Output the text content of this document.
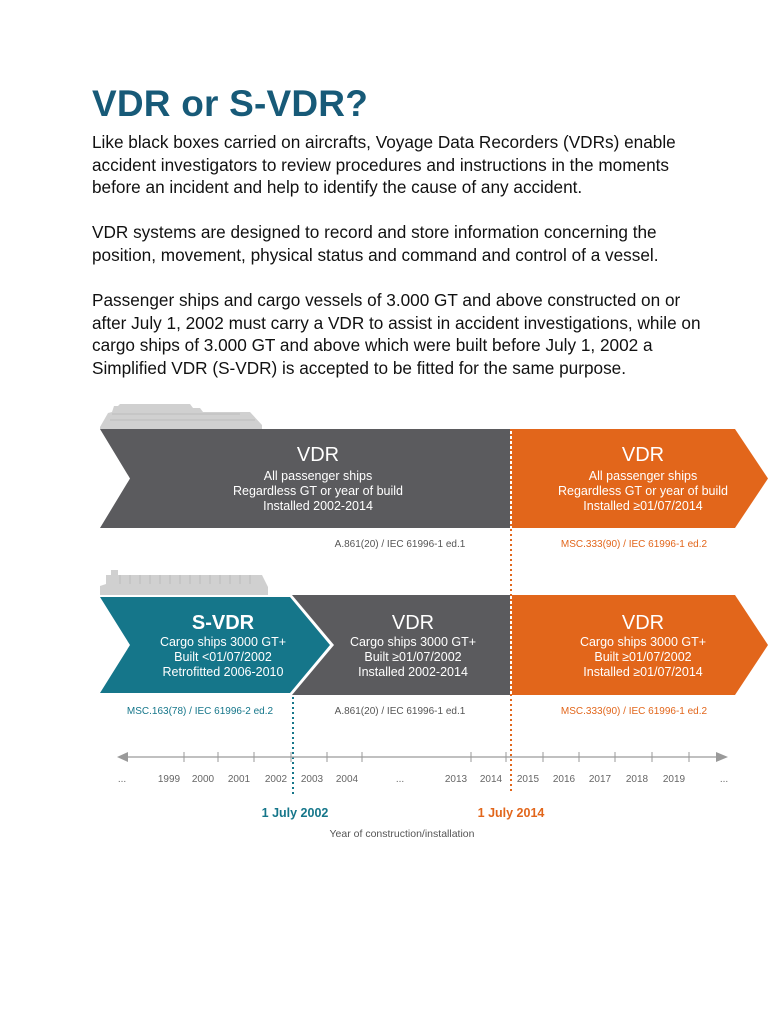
VDR or S-VDR?

Like black boxes carried on aircrafts, Voyage Data Recorders (VDRs) enable accident investigators to review procedures and instructions in the moments before an incident and help to identify the cause of any accident.

VDR systems are designed to record and store information concerning the position, movement, physical status and command and control of a vessel.

Passenger ships and cargo vessels of 3.000 GT and above constructed on or after July 1, 2002 must carry a VDR to assist in accident investigations, while on cargo ships of 3.000 GT and above which were built before July 1, 2002 a Simplified VDR (S-VDR) is accepted to be fitted for the same purpose.

VDR
All passenger ships
Regardless GT or year of build
Installed 2002-2014
VDR
All passenger ships
Regardless GT or year of build
Installed ≥01/07/2014
A.861(20) / IEC 61996-1 ed.1	MSC.333(90) / IEC 61996-1 ed.2
S-VDR
Cargo ships 3000 GT+
Built <01/07/2002
Retrofitted 2006-2010
VDR
Cargo ships 3000 GT+
Built ≥01/07/2002
Installed 2002-2014
VDR
Cargo ships 3000 GT+
Built ≥01/07/2002
Installed ≥01/07/2014
MSC.163(78) / IEC 61996-2 ed.2	A.861(20) / IEC 61996-1 ed.1	MSC.333(90) / IEC 61996-1 ed.2
...	...	...
1999 2000 2001 2002 2003 2004	2013 2014 2015 2016 2017 2018 2019
1 July 2002	1 July 2014
Year of construction/installation
